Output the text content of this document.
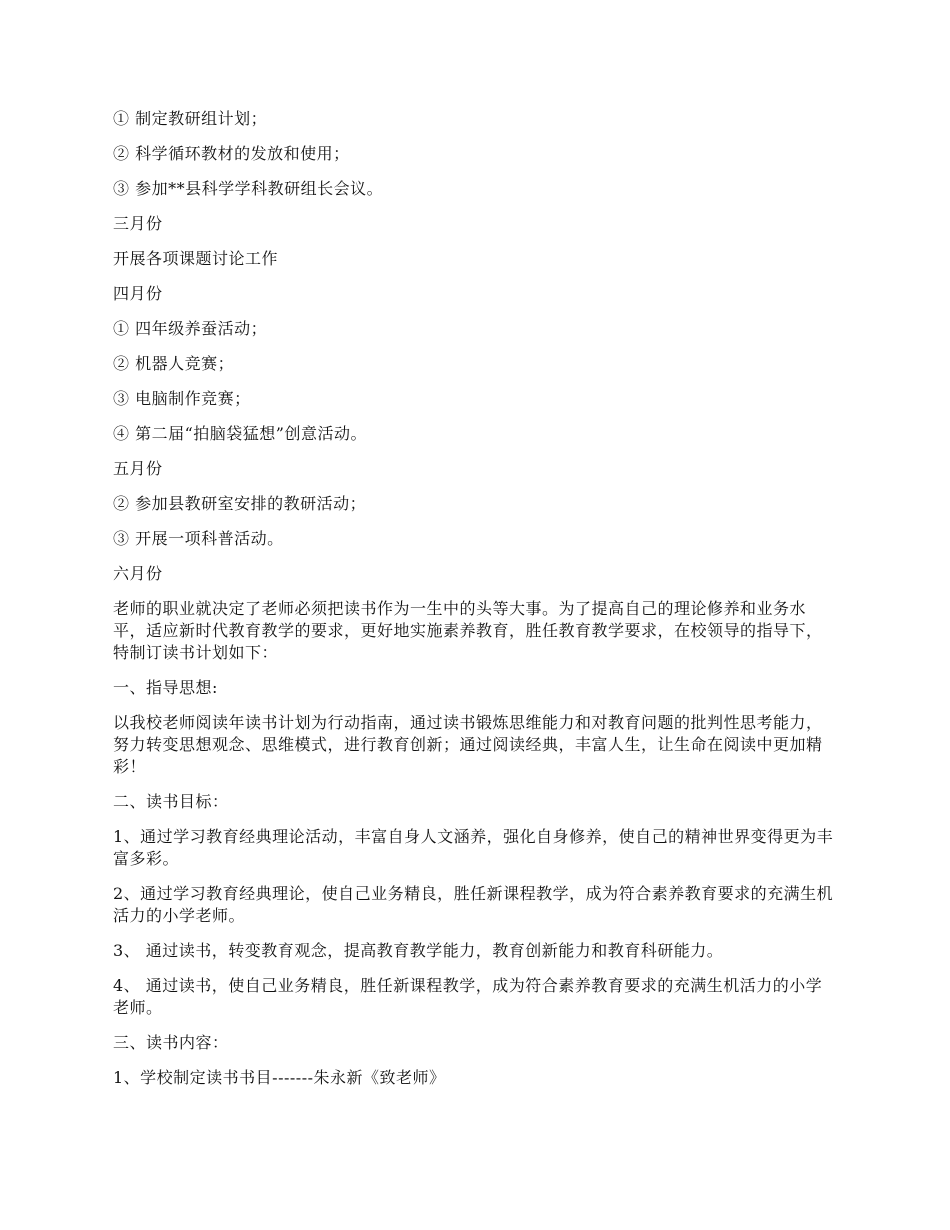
① 制定教研组计划；

② 科学循环教材的发放和使用；

③ 参加**县科学学科教研组长会议。

三月份

开展各项课题讨论工作

四月份

① 四年级养蚕活动；

② 机器人竞赛；

③ 电脑制作竞赛；

④ 第二届“拍脑袋猛想”创意活动。

五月份

② 参加县教研室安排的教研活动；

③ 开展一项科普活动。

六月份

老师的职业就决定了老师必须把读书作为一生中的头等大事。为了提高自己的理论修养和业务水平，适应新时代教育教学的要求，更好地实施素养教育，胜任教育教学要求，在校领导的指导下，特制订读书计划如下：

一、指导思想:

以我校老师阅读年读书计划为行动指南，通过读书锻炼思维能力和对教育问题的批判性思考能力，努力转变思想观念、思维模式，进行教育创新；通过阅读经典，丰富人生，让生命在阅读中更加精彩！

二、读书目标：

1、通过学习教育经典理论活动，丰富自身人文涵养，强化自身修养，使自己的精神世界变得更为丰富多彩。

2、通过学习教育经典理论，使自己业务精良，胜任新课程教学，成为符合素养教育要求的充满生机活力的小学老师。

3、 通过读书，转变教育观念，提高教育教学能力，教育创新能力和教育科研能力。

4、 通过读书，使自己业务精良，胜任新课程教学，成为符合素养教育要求的充满生机活力的小学老师。

三、读书内容：

1、学校制定读书书目-------朱永新《致老师》
